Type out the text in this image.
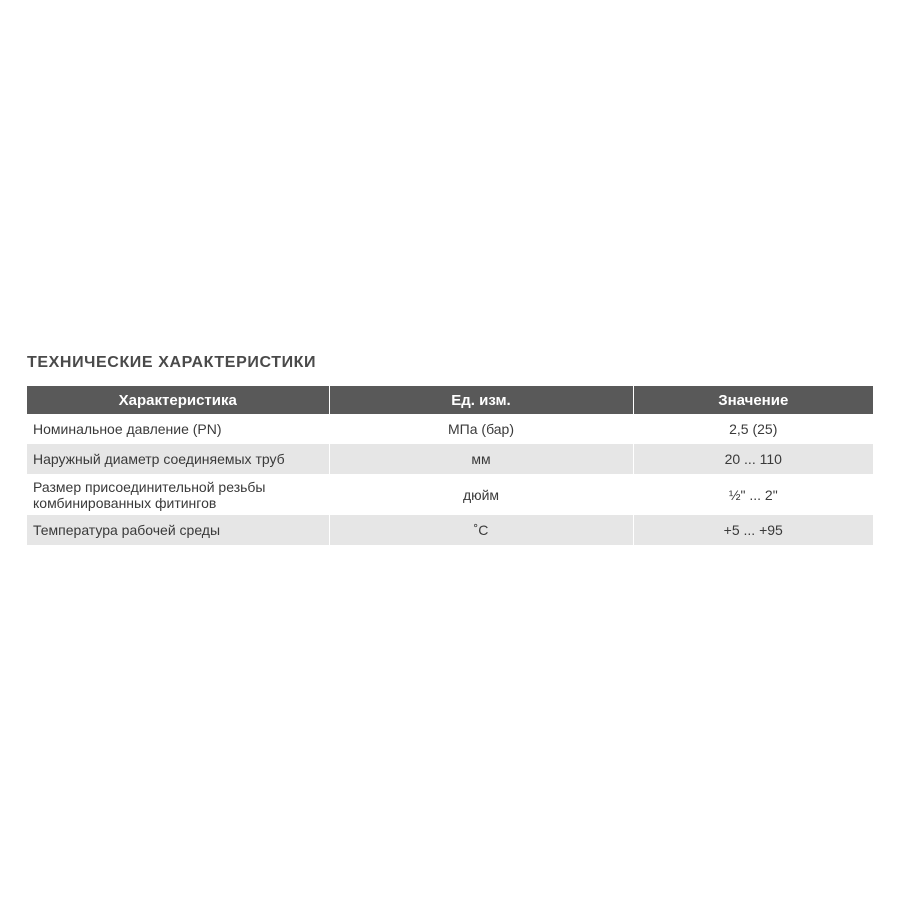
ТЕХНИЧЕСКИЕ ХАРАКТЕРИСТИКИ
Характеристика	Ед. изм.	Значение
Номинальное давление (PN)	МПа (бар)	2,5 (25)
Наружный диаметр соединяемых труб	мм	20 ... 110
Размер присоединительной резьбы комбинированных фитингов	дюйм	½" ... 2"
Температура рабочей среды	˚С	+5 ... +95
